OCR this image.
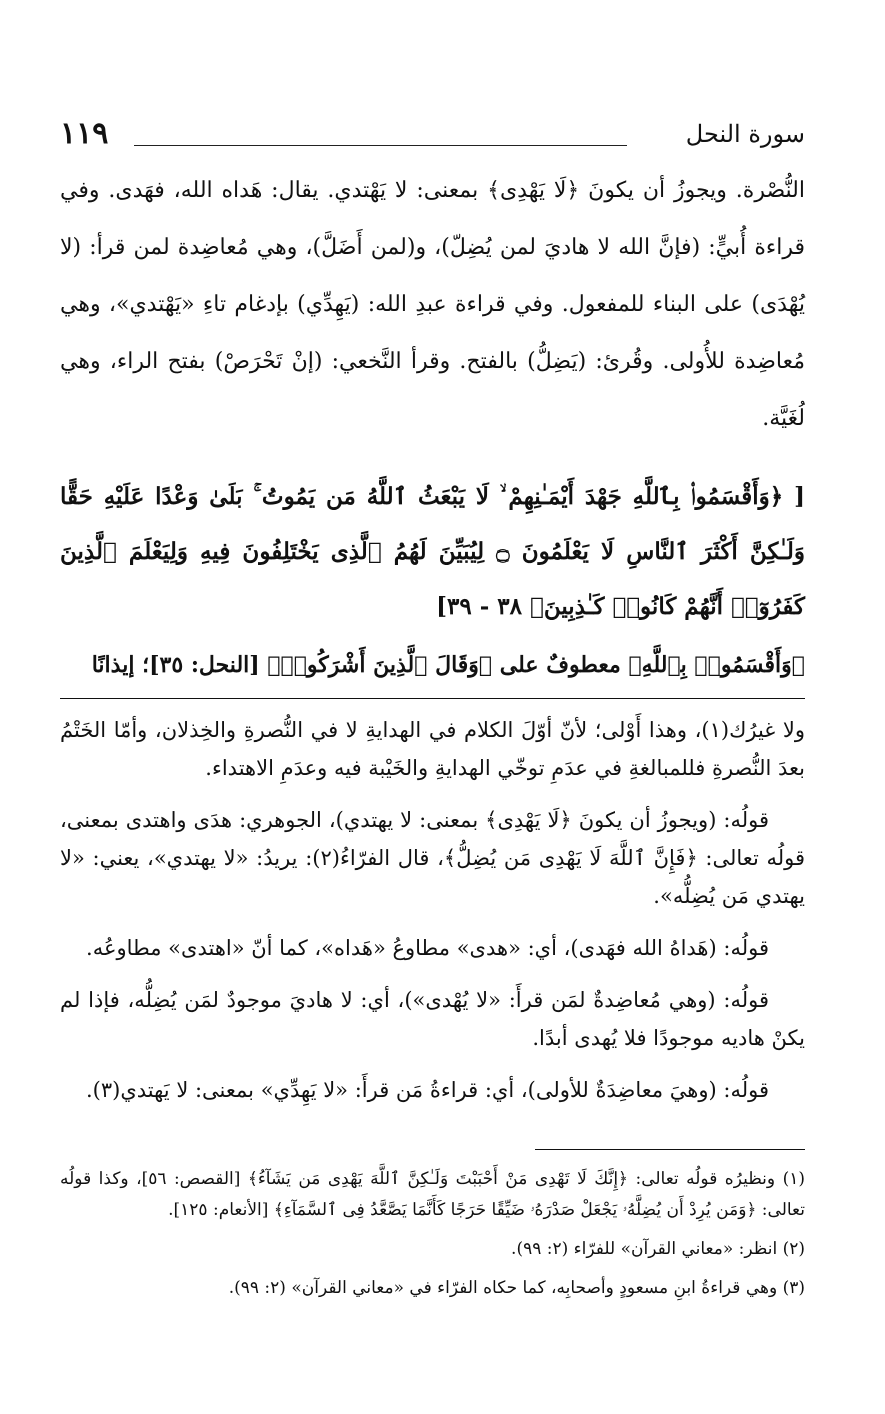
سورة النحل
١١٩

النُّصْرة. ويجوزُ أن يكونَ ﴿لَا يَهْدِى﴾ بمعنى: لا يَهْتدي. يقال: هَداه الله، فهَدى. وفي قراءة أُبيٍّ: (فإنَّ الله لا هاديَ لمن يُضِلّ)، و(لمن أَضَلَّ)، وهي مُعاضِدة لمن قرأ: (لا يُهْدَى) على البناء للمفعول. وفي قراءة عبدِ الله: (يَهِدِّي) بإدغام تاءِ «يَهْتدي»، وهي مُعاضِدة للأُولى. وقُرئ: (يَضِلُّ) بالفتح. وقرأ النَّخعي: (إنْ تَحْرَصْ) بفتح الراء، وهي لُغَيَّة.

[ ﴿وَأَقْسَمُوا۟ بِٱللَّهِ جَهْدَ أَيْمَـٰنِهِمْ ۙ لَا يَبْعَثُ ٱللَّهُ مَن يَمُوتُ ۚ بَلَىٰ وَعْدًا عَلَيْهِ حَقًّا وَلَـٰكِنَّ أَكْثَرَ ٱلنَّاسِ لَا يَعْلَمُونَ ۝ لِيُبَيِّنَ لَهُمُ ٱلَّذِى يَخْتَلِفُونَ فِيهِ وَلِيَعْلَمَ ٱلَّذِينَ كَفَرُوٓا۟ أَنَّهُمْ كَانُوا۟ كَـٰذِبِينَ﴾ ٣٨ - ٣٩]

﴿وَأَقْسَمُوا۟ بِٱللَّهِ﴾ معطوفٌ على ﴿وَقَالَ ٱلَّذِينَ أَشْرَكُوا۟﴾ [النحل: ٣٥]؛ إيذانًا

ولا غيرُك(١)، وهذا أَوْلى؛ لأنّ أوّلَ الكلام في الهدايةِ لا في النُّصرةِ والخِذلان، وأمّا الخَتْمُ بعدَ النُّصرةِ فللمبالغةِ في عدَمِ توخّي الهدايةِ والخَيْبة فيه وعدَمِ الاهتداء.

قولُه: (ويجوزُ أن يكونَ ﴿لَا يَهْدِى﴾ بمعنى: لا يهتدي)، الجوهري: هدَى واهتدى بمعنى، قولُه تعالى: ﴿فَإِنَّ ٱللَّهَ لَا يَهْدِى مَن يُضِلُّ﴾، قال الفرّاءُ(٢): يريدُ: «لا يهتدي»، يعني: «لا يهتدي مَن يُضِلُّه».

قولُه: (هَداهُ الله فهَدى)، أي: «هدى» مطاوعُ «هَداه»، كما أنّ «اهتدى» مطاوعُه.

قولُه: (وهي مُعاضِدةٌ لمَن قرأَ: «لا يُهْدى»)، أي: لا هاديَ موجودٌ لمَن يُضِلُّه، فإذا لم يكنْ هاديه موجودًا فلا يُهدى أبدًا.

قولُه: (وهيَ معاضِدَةٌ للأولى)، أي: قراءةُ مَن قرأَ: «لا يَهِدِّي» بمعنى: لا يَهتدي(٣).

(١) ونظيرُه قولُه تعالى: ﴿إِنَّكَ لَا تَهْدِى مَنْ أَحْبَبْتَ وَلَـٰكِنَّ ٱللَّهَ يَهْدِى مَن يَشَآءُ﴾ [القصص: ٥٦]، وكذا قولُه تعالى: ﴿وَمَن يُرِدْ أَن يُضِلَّهُۥ يَجْعَلْ صَدْرَهُۥ ضَيِّقًا حَرَجًا كَأَنَّمَا يَصَّعَّدُ فِى ٱلسَّمَآءِ﴾ [الأنعام: ١٢٥].

(٢) انظر: «معاني القرآن» للفرّاء (٢: ٩٩).

(٣) وهي قراءةُ ابنِ مسعودٍ وأصحابِه، كما حكاه الفرّاء في «معاني القرآن» (٢: ٩٩).
